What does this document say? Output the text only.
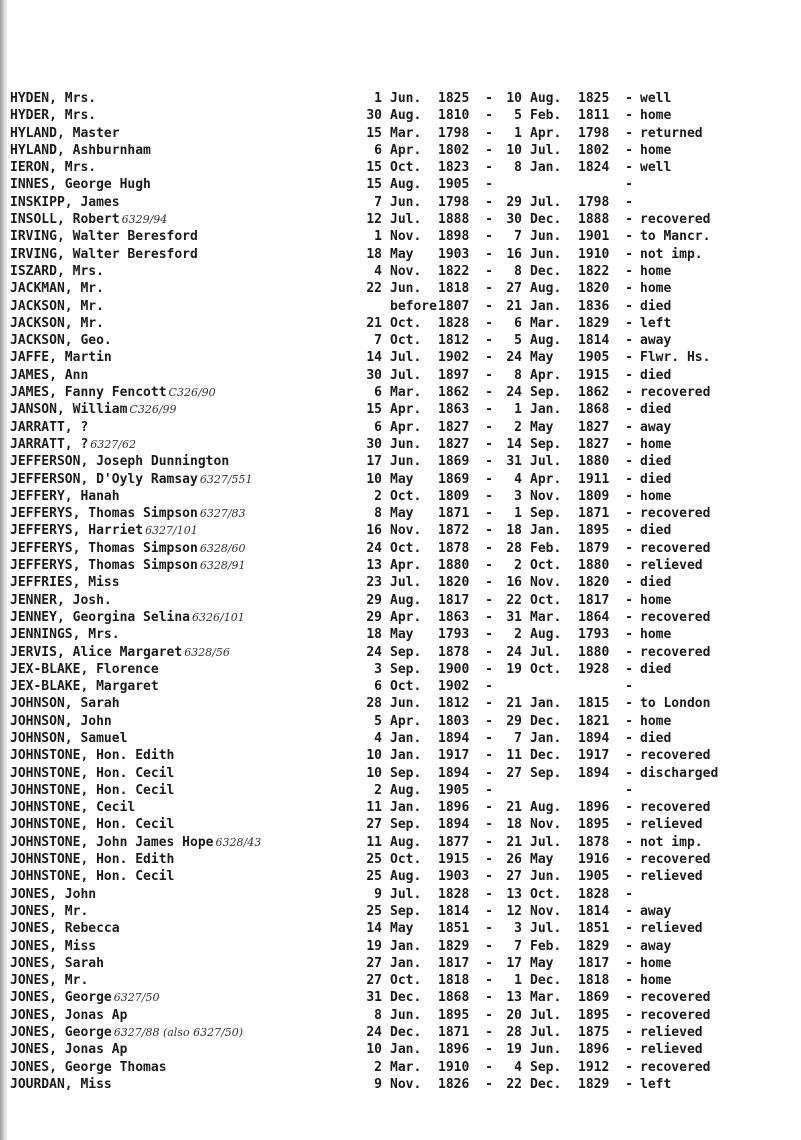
HYDEN, Mrs.	1 Jun.	1825	-	10 Aug.	1825	- well
HYDER, Mrs.	30 Aug.	1810	-	5 Feb.	1811	- home
HYLAND, Master	15 Mar.	1798	-	1 Apr.	1798	- returned
HYLAND, Ashburnham	6 Apr.	1802	-	10 Jul.	1802	- home
IERON, Mrs.	15 Oct.	1823	-	8 Jan.	1824	- well
INNES, George Hugh	15 Aug.	1905	-	-
INSKIPP, James	7 Jun.	1798	-	29 Jul.	1798	-
INSOLL, Robert 6329/94	12 Jul.	1888	-	30 Dec.	1888	- recovered
IRVING, Walter Beresford	1 Nov.	1898	-	7 Jun.	1901	- to Mancr.
IRVING, Walter Beresford	18 May	1903	-	16 Jun.	1910	- not imp.
ISZARD, Mrs.	4 Nov.	1822	-	8 Dec.	1822	- home
JACKMAN, Mr.	22 Jun.	1818	-	27 Aug.	1820	- home
JACKSON, Mr.	before 1807	-	21 Jan.	1836	- died
JACKSON, Mr.	21 Oct.	1828	-	6 Mar.	1829	- left
JACKSON, Geo.	7 Oct.	1812	-	5 Aug.	1814	- away
JAFFE, Martin	14 Jul.	1902	-	24 May	1905	- Flwr. Hs.
JAMES, Ann	30 Jul.	1897	-	8 Apr.	1915	- died
JAMES, Fanny Fencott C326/90	6 Mar.	1862	-	24 Sep.	1862	- recovered
JANSON, William C326/99	15 Apr.	1863	-	1 Jan.	1868	- died
JARRATT, ?	6 Apr.	1827	-	2 May	1827	- away
JARRATT, ? 6327/62	30 Jun.	1827	-	14 Sep.	1827	- home
JEFFERSON, Joseph Dunnington	17 Jun.	1869	-	31 Jul.	1880	- died
JEFFERSON, D'Oyly Ramsay 6327/551	10 May	1869	-	4 Apr.	1911	- died
JEFFERY, Hanah	2 Oct.	1809	-	3 Nov.	1809	- home
JEFFERYS, Thomas Simpson 6327/83	8 May	1871	-	1 Sep.	1871	- recovered
JEFFERYS, Harriet 6327/101	16 Nov.	1872	-	18 Jan.	1895	- died
JEFFERYS, Thomas Simpson 6328/60	24 Oct.	1878	-	28 Feb.	1879	- recovered
JEFFERYS, Thomas Simpson 6328/91	13 Apr.	1880	-	2 Oct.	1880	- relieved
JEFFRIES, Miss	23 Jul.	1820	-	16 Nov.	1820	- died
JENNER, Josh.	29 Aug.	1817	-	22 Oct.	1817	- home
JENNEY, Georgina Selina 6326/101	29 Apr.	1863	-	31 Mar.	1864	- recovered
JENNINGS, Mrs.	18 May	1793	-	2 Aug.	1793	- home
JERVIS, Alice Margaret 6328/56	24 Sep.	1878	-	24 Jul.	1880	- recovered
JEX-BLAKE, Florence	3 Sep.	1900	-	19 Oct.	1928	- died
JEX-BLAKE, Margaret	6 Oct.	1902	-	-
JOHNSON, Sarah	28 Jun.	1812	-	21 Jan.	1815	- to London
JOHNSON, John	5 Apr.	1803	-	29 Dec.	1821	- home
JOHNSON, Samuel	4 Jan.	1894	-	7 Jan.	1894	- died
JOHNSTONE, Hon. Edith	10 Jan.	1917	-	11 Dec.	1917	- recovered
JOHNSTONE, Hon. Cecil	10 Sep.	1894	-	27 Sep.	1894	- discharged
JOHNSTONE, Hon. Cecil	2 Aug.	1905	-	-
JOHNSTONE, Cecil	11 Jan.	1896	-	21 Aug.	1896	- recovered
JOHNSTONE, Hon. Cecil	27 Sep.	1894	-	18 Nov.	1895	- relieved
JOHNSTONE, John James Hope 6328/43	11 Aug.	1877	-	21 Jul.	1878	- not imp.
JOHNSTONE, Hon. Edith	25 Oct.	1915	-	26 May	1916	- recovered
JOHNSTONE, Hon. Cecil	25 Aug.	1903	-	27 Jun.	1905	- relieved
JONES, John	9 Jul.	1828	-	13 Oct.	1828	-
JONES, Mr.	25 Sep.	1814	-	12 Nov.	1814	- away
JONES, Rebecca	14 May	1851	-	3 Jul.	1851	- relieved
JONES, Miss	19 Jan.	1829	-	7 Feb.	1829	- away
JONES, Sarah	27 Jan.	1817	-	17 May	1817	- home
JONES, Mr.	27 Oct.	1818	-	1 Dec.	1818	- home
JONES, George 6327/50	31 Dec.	1868	-	13 Mar.	1869	- recovered
JONES, Jonas Ap	8 Jun.	1895	-	20 Jul.	1895	- recovered
JONES, George 6327/88 (also 6327/50)	24 Dec.	1871	-	28 Jul.	1875	- relieved
JONES, Jonas Ap	10 Jan.	1896	-	19 Jun.	1896	- relieved
JONES, George Thomas	2 Mar.	1910	-	4 Sep.	1912	- recovered
JOURDAN, Miss	9 Nov.	1826	-	22 Dec.	1829	- left
